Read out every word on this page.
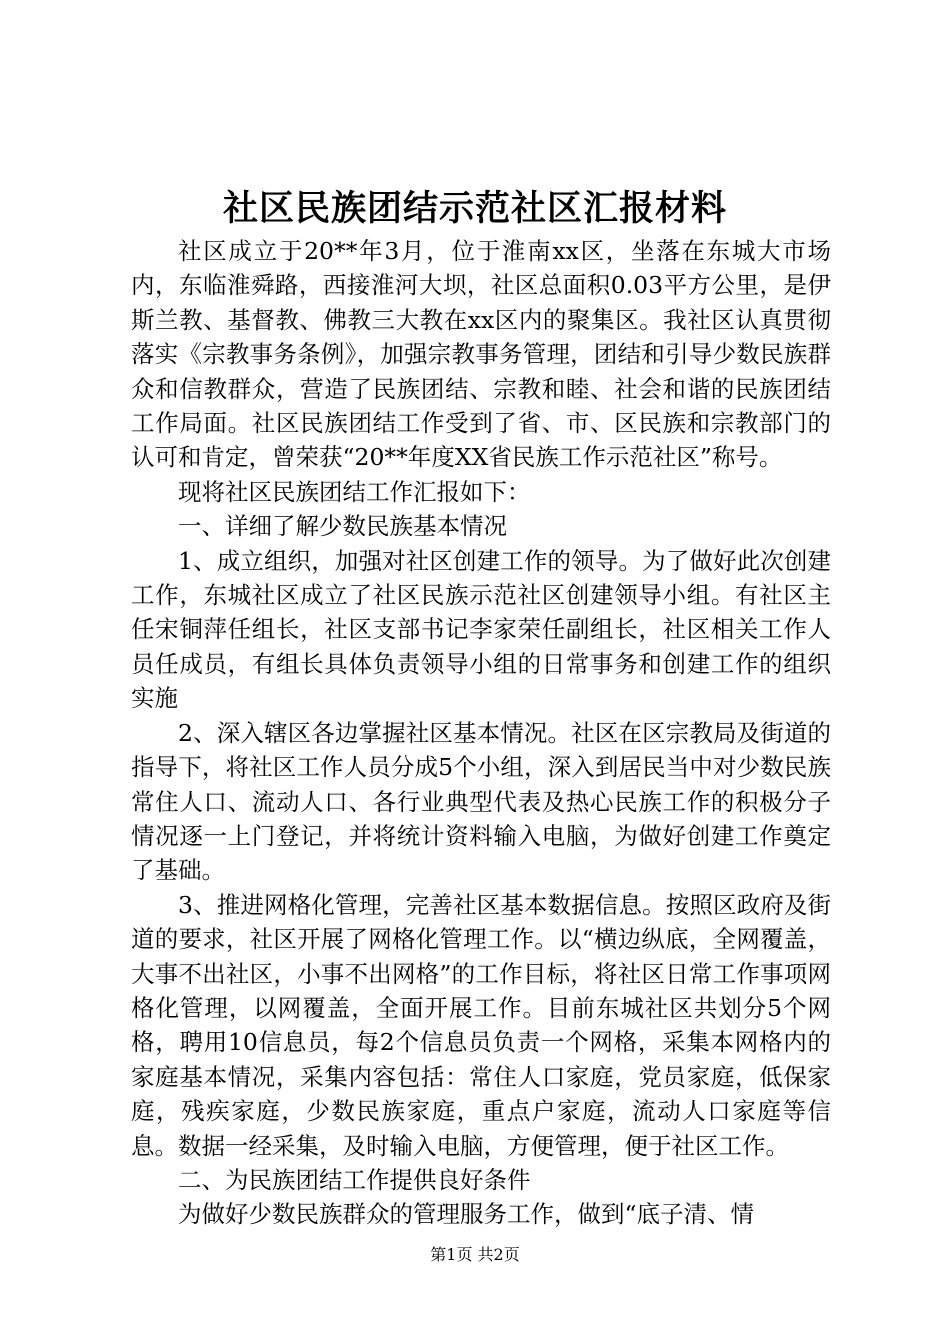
社区民族团结示范社区汇报材料

社区成立于20**年3月，位于淮南xx区，坐落在东城大市场内，东临淮舜路，西接淮河大坝，社区总面积0.03平方公里，是伊斯兰教、基督教、佛教三大教在xx区内的聚集区。我社区认真贯彻落实《宗教事务条例》，加强宗教事务管理，团结和引导少数民族群众和信教群众，营造了民族团结、宗教和睦、社会和谐的民族团结工作局面。社区民族团结工作受到了省、市、区民族和宗教部门的认可和肯定，曾荣获“20**年度XX省民族工作示范社区”称号。

现将社区民族团结工作汇报如下：

一、详细了解少数民族基本情况

1、成立组织，加强对社区创建工作的领导。为了做好此次创建工作，东城社区成立了社区民族示范社区创建领导小组。有社区主任宋铜萍任组长，社区支部书记李家荣任副组长，社区相关工作人员任成员，有组长具体负责领导小组的日常事务和创建工作的组织实施

2、深入辖区各边掌握社区基本情况。社区在区宗教局及街道的指导下，将社区工作人员分成5个小组，深入到居民当中对少数民族常住人口、流动人口、各行业典型代表及热心民族工作的积极分子情况逐一上门登记，并将统计资料输入电脑，为做好创建工作奠定了基础。

3、推进网格化管理，完善社区基本数据信息。按照区政府及街道的要求，社区开展了网格化管理工作。以“横边纵底，全网覆盖，大事不出社区，小事不出网格”的工作目标，将社区日常工作事项网格化管理，以网覆盖，全面开展工作。目前东城社区共划分5个网格，聘用10信息员，每2个信息员负责一个网格，采集本网格内的家庭基本情况，采集内容包括：常住人口家庭，党员家庭，低保家庭，残疾家庭，少数民族家庭，重点户家庭，流动人口家庭等信息。数据一经采集，及时输入电脑，方便管理，便于社区工作。

二、为民族团结工作提供良好条件

为做好少数民族群众的管理服务工作，做到“底子清、情

第1页 共2页
